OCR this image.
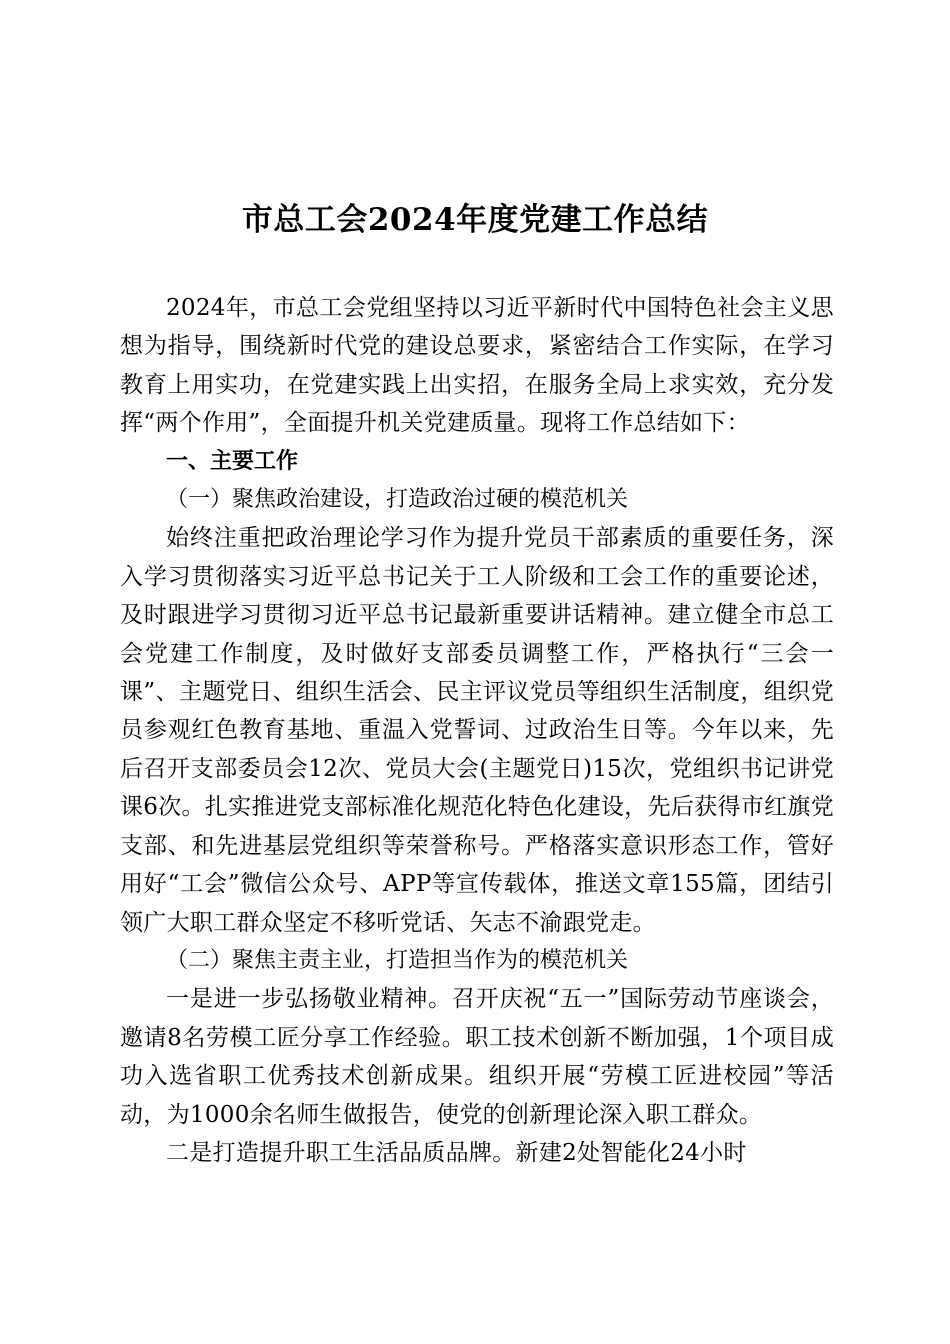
市总工会2024年度党建工作总结

2024年，市总工会党组坚持以习近平新时代中国特色社会主义思想为指导，围绕新时代党的建设总要求，紧密结合工作实际，在学习教育上用实功，在党建实践上出实招，在服务全局上求实效，充分发挥“两个作用”，全面提升机关党建质量。现将工作总结如下：

一、主要工作

（一）聚焦政治建设，打造政治过硬的模范机关

始终注重把政治理论学习作为提升党员干部素质的重要任务，深入学习贯彻落实习近平总书记关于工人阶级和工会工作的重要论述，及时跟进学习贯彻习近平总书记最新重要讲话精神。建立健全市总工会党建工作制度，及时做好支部委员调整工作，严格执行“三会一课”、主题党日、组织生活会、民主评议党员等组织生活制度，组织党员参观红色教育基地、重温入党誓词、过政治生日等。今年以来，先后召开支部委员会12次、党员大会(主题党日)15次，党组织书记讲党课6次。扎实推进党支部标准化规范化特色化建设，先后获得市红旗党支部、和先进基层党组织等荣誉称号。严格落实意识形态工作，管好用好“工会”微信公众号、APP等宣传载体，推送文章155篇，团结引领广大职工群众坚定不移听党话、矢志不渝跟党走。

（二）聚焦主责主业，打造担当作为的模范机关

一是进一步弘扬敬业精神。召开庆祝“五一”国际劳动节座谈会，邀请8名劳模工匠分享工作经验。职工技术创新不断加强，1个项目成功入选省职工优秀技术创新成果。组织开展“劳模工匠进校园”等活动，为1000余名师生做报告，使党的创新理论深入职工群众。

二是打造提升职工生活品质品牌。新建2处智能化24小时
